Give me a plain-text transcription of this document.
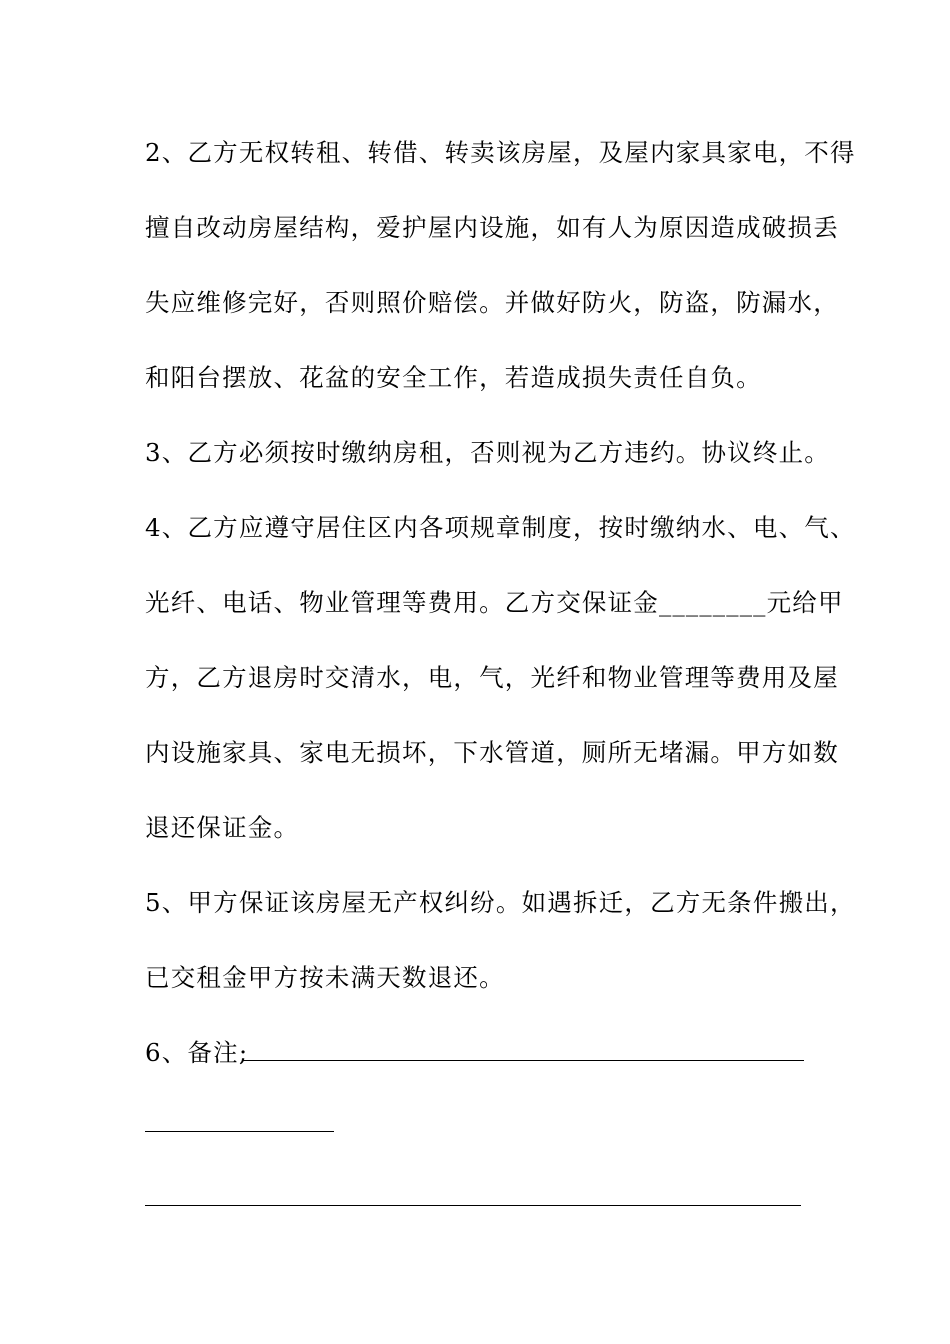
2、乙方无权转租、转借、转卖该房屋，及屋内家具家电，不得
擅自改动房屋结构，爱护屋内设施，如有人为原因造成破损丢
失应维修完好，否则照价赔偿。并做好防火，防盗，防漏水，
和阳台摆放、花盆的安全工作，若造成损失责任自负。
3、乙方必须按时缴纳房租，否则视为乙方违约。协议终止。
4、乙方应遵守居住区内各项规章制度，按时缴纳水、电、气、
光纤、电话、物业管理等费用。乙方交保证金________元给甲
方，乙方退房时交清水，电，气，光纤和物业管理等费用及屋
内设施家具、家电无损坏，下水管道，厕所无堵漏。甲方如数
退还保证金。
5、甲方保证该房屋无产权纠纷。如遇拆迁，乙方无条件搬出，
已交租金甲方按未满天数退还。
6、备注;
